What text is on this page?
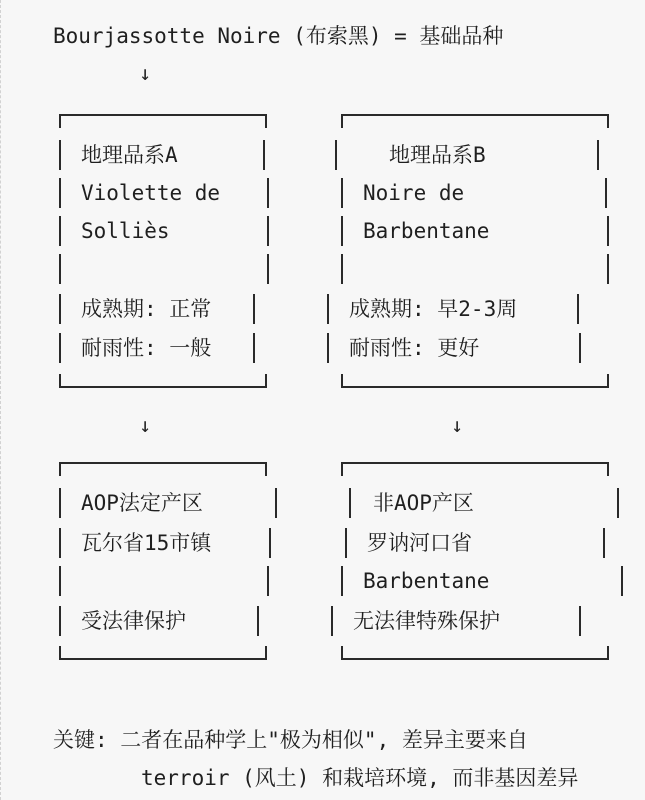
Bourjassotte Noire (布索黑) = 基础品种
↓
地理品系A
Violette de
Solliès
成熟期: 正常
耐雨性: 一般
地理品系B
Noire de
Barbentane
成熟期: 早2-3周
耐雨性: 更好
↓	↓
AOP法定产区
瓦尔省15市镇
受法律保护
非AOP产区
罗讷河口省
Barbentane
无法律特殊保护
关键: 二者在品种学上"极为相似", 差异主要来自
terroir (风土) 和栽培环境, 而非基因差异
